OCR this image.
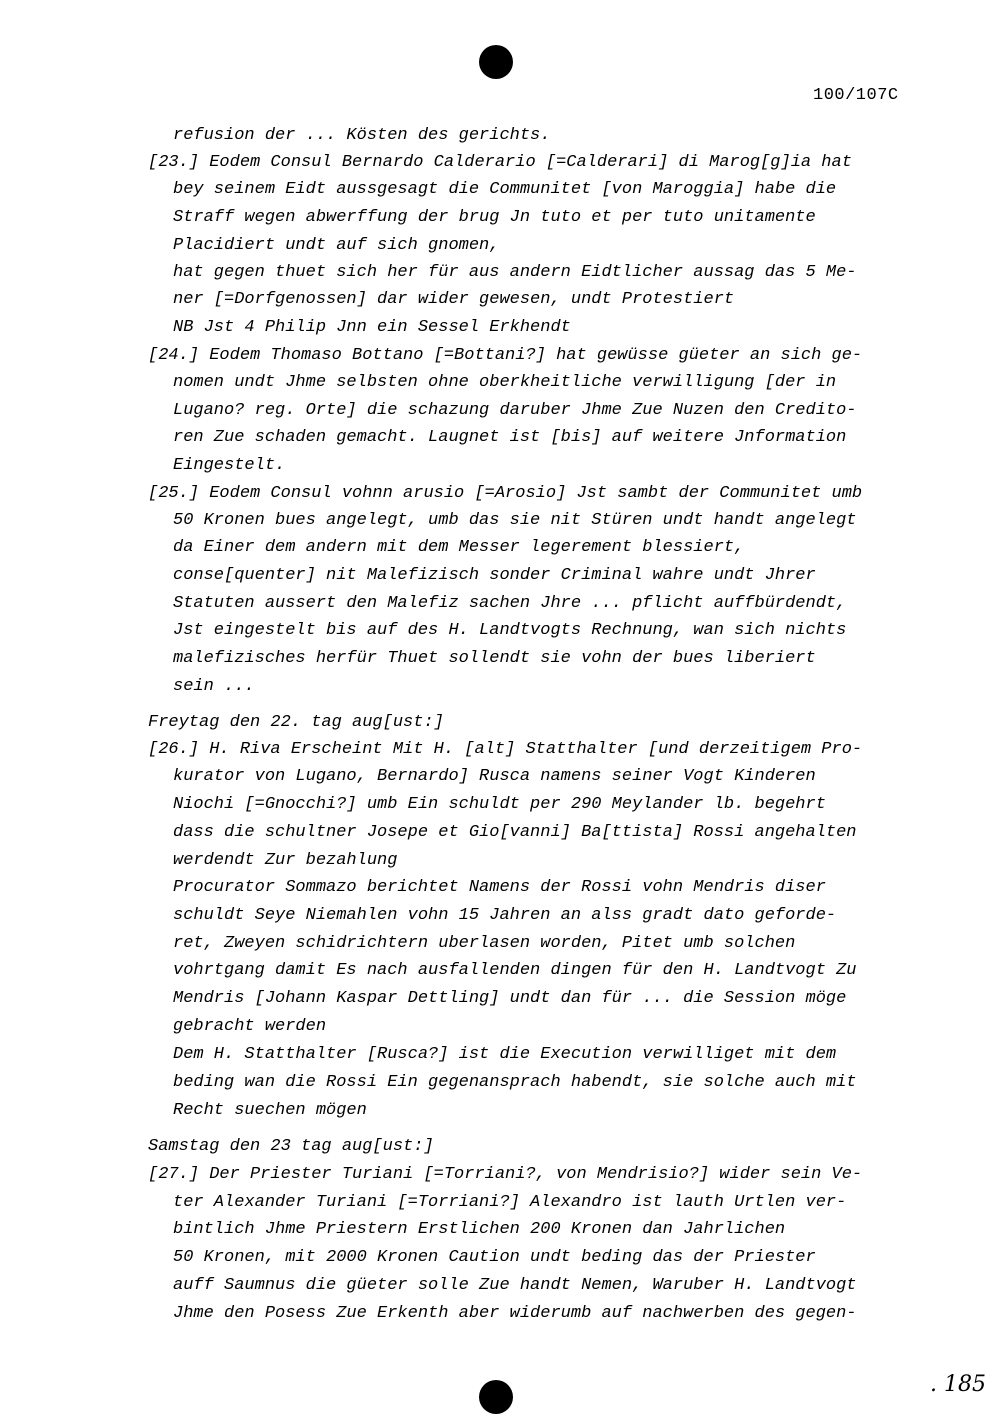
100/107C
refusion der ... Kösten des gerichts.
[23.] Eodem Consul Bernardo Calderario [=Calderari] di Marog[g]ia hat
bey seinem Eidt aussgesagt die Communitet [von Maroggia] habe die
Straff wegen abwerffung der brug Jn tuto et per tuto unitamente
Placidiert undt auf sich gnomen,
hat gegen thuet sich her für aus andern Eidtlicher aussag das 5 Me-
ner [=Dorfgenossen] dar wider gewesen, undt Protestiert
NB Jst 4 Philip Jnn ein Sessel Erkhendt
[24.] Eodem Thomaso Bottano [=Bottani?] hat gewüsse güeter an sich ge-
nomen undt Jhme selbsten ohne oberkheitliche verwilligung [der in
Lugano? reg. Orte] die schazung daruber Jhme Zue Nuzen den Credito-
ren Zue schaden gemacht. Laugnet ist [bis] auf weitere Jnformation
Eingestelt.
[25.] Eodem Consul vohnn arusio [=Arosio] Jst sambt der Communitet umb
50 Kronen bues angelegt, umb das sie nit Stüren undt handt angelegt
da Einer dem andern mit dem Messer legerement blessiert,
conse[quenter] nit Malefizisch sonder Criminal wahre undt Jhrer
Statuten aussert den Malefiz sachen Jhre ... pflicht auffbürdendt,
Jst eingestelt bis auf des H. Landtvogts Rechnung, wan sich nichts
malefizisches herfür Thuet sollendt sie vohn der bues liberiert
sein ...
Freytag den 22. tag aug[ust:]
[26.] H. Riva Erscheint Mit H. [alt] Statthalter [und derzeitigem Pro-
kurator von Lugano, Bernardo] Rusca namens seiner Vogt Kinderen
Niochi [=Gnocchi?] umb Ein schuldt per 290 Meylander lb. begehrt
dass die schultner Josepe et Gio[vanni] Ba[ttista] Rossi angehalten
werdendt Zur bezahlung
Procurator Sommazo berichtet Namens der Rossi vohn Mendris diser
schuldt Seye Niemahlen vohn 15 Jahren an alss gradt dato geforde-
ret, Zweyen schidrichtern uberlasen worden, Pitet umb solchen
vohrtgang damit Es nach ausfallenden dingen für den H. Landtvogt Zu
Mendris [Johann Kaspar Dettling] undt dan für ... die Session möge
gebracht werden
Dem H. Statthalter [Rusca?] ist die Execution verwilliget mit dem
beding wan die Rossi Ein gegenansprach habendt, sie solche auch mit
Recht suechen mögen
Samstag den 23 tag aug[ust:]
[27.] Der Priester Turiani [=Torriani?, von Mendrisio?] wider sein Ve-
ter Alexander Turiani [=Torriani?] Alexandro ist lauth Urtlen ver-
bintlich Jhme Priestern Erstlichen 200 Kronen dan Jahrlichen
50 Kronen, mit 2000 Kronen Caution undt beding das der Priester
auff Saumnus die güeter solle Zue handt Nemen, Waruber H. Landtvogt
Jhme den Posess Zue Erkenth aber widerumb auf nachwerben des gegen-
. 185
